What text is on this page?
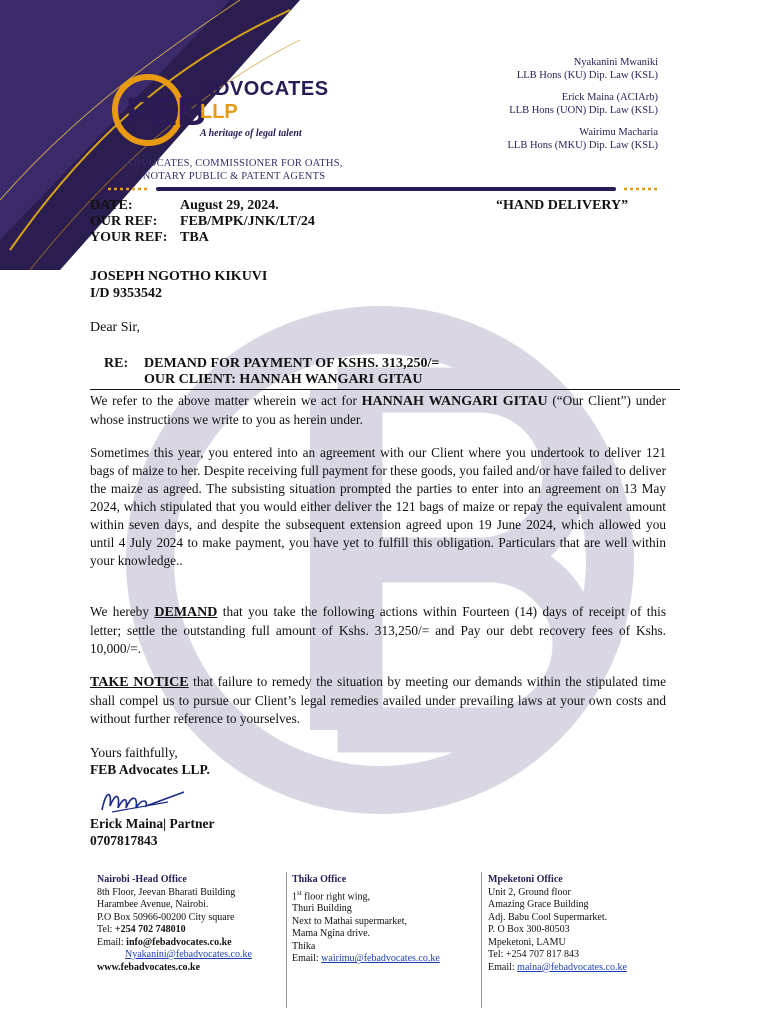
FEB
ADVOCATES
LLP
A heritage of legal talent
ADVOCATES, COMMISSIONER FOR OATHS, NOTARY PUBLIC & PATENT AGENTS
Nyakanini Mwaniki
LLB Hons (KU) Dip. Law (KSL)
Erick Maina (ACIArb)
LLB Hons (UON) Dip. Law (KSL)
Wairimu Macharia
LLB Hons (MKU) Dip. Law (KSL)
DATE:	August 29, 2024.
OUR REF: FEB/MPK/JNK/LT/24
YOUR REF: TBA
“HAND DELIVERY”
JOSEPH NGOTHO KIKUVI
I/D 9353542
Dear Sir,
RE: DEMAND FOR PAYMENT OF KSHS. 313,250/=
OUR CLIENT: HANNAH WANGARI GITAU
We refer to the above matter wherein we act for HANNAH WANGARI GITAU (“Our Client”) under whose instructions we write to you as herein under.
Sometimes this year, you entered into an agreement with our Client where you undertook to deliver 121 bags of maize to her. Despite receiving full payment for these goods, you failed and/or have failed to deliver the maize as agreed. The subsisting situation prompted the parties to enter into an agreement on 13 May 2024, which stipulated that you would either deliver the 121 bags of maize or repay the equivalent amount within seven days, and despite the subsequent extension agreed upon 19 June 2024, which allowed you until 4 July 2024 to make payment, you have yet to fulfill this obligation. Particulars that are well within your knowledge..
We hereby DEMAND that you take the following actions within Fourteen (14) days of receipt of this letter; settle the outstanding full amount of Kshs. 313,250/= and Pay our debt recovery fees of Kshs. 10,000/=.
TAKE NOTICE that failure to remedy the situation by meeting our demands within the stipulated time shall compel us to pursue our Client’s legal remedies availed under prevailing laws at your own costs and without further reference to yourselves.
Yours faithfully,
FEB Advocates LLP.
Erick Maina| Partner
0707817843
Nairobi -Head Office
8th Floor, Jeevan Bharati Building
Harambee Avenue, Nairobi.
P.O Box 50966-00200 City square
Tel: +254 702 748010
Email: info@febadvocates.co.ke
Nyakanini@febadvocates.co.ke
www.febadvocates.co.ke
Thika Office
1st floor right wing,
Thuri Building
Next to Mathai supermarket,
Mama Ngina drive.
Thika
Email: wairimu@febadvocates.co.ke
Mpeketoni Office
Unit 2, Ground floor
Amazing Grace Building
Adj. Babu Cool Supermarket.
P. O Box 300-80503
Mpeketoni, LAMU
Tel: +254 707 817 843
Email: maina@febadvocates.co.ke
